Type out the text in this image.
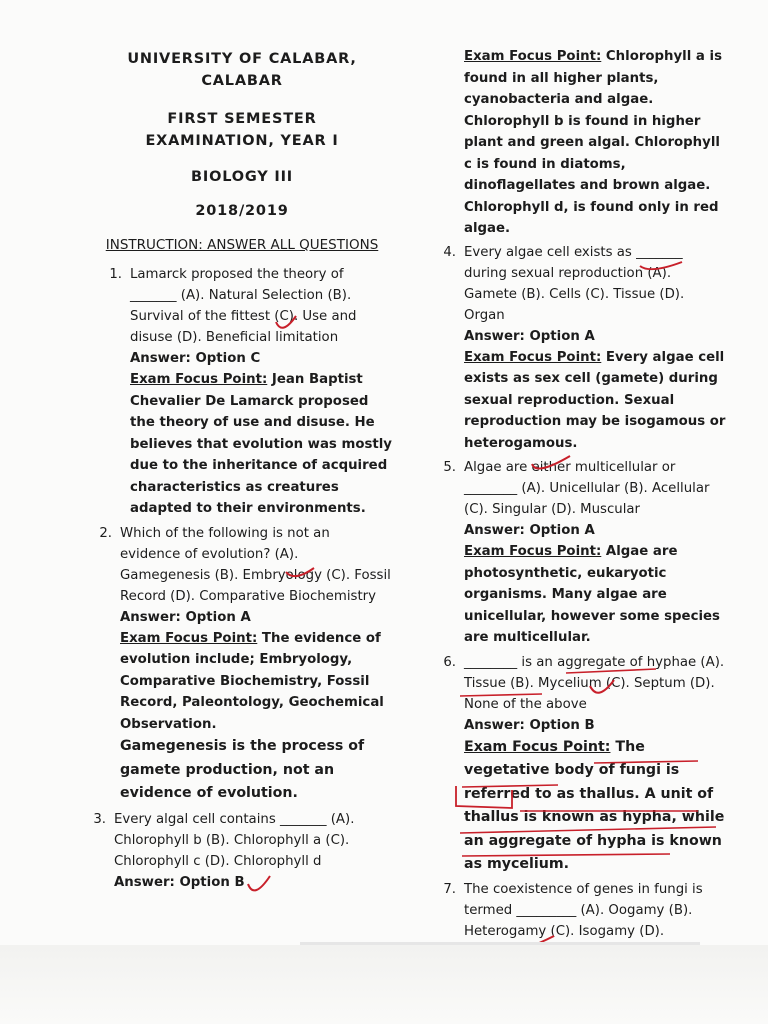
UNIVERSITY OF CALABAR,

CALABAR

FIRST SEMESTER

EXAMINATION, YEAR I

BIOLOGY III

2018/2019

INSTRUCTION: ANSWER ALL QUESTIONS
1. Lamarck proposed the theory of _______ (A). Natural Selection (B). Survival of the fittest (C). Use and disuse (D). Beneficial limitation

Answer: Option C

Exam Focus Point: Jean Baptist Chevalier De Lamarck proposed the theory of use and disuse. He believes that evolution was mostly due to the inheritance of acquired characteristics as creatures adapted to their environments.

2. Which of the following is not an evidence of evolution? (A). Gamegenesis (B). Embryology (C). Fossil Record (D). Comparative Biochemistry

Answer: Option A

Exam Focus Point: The evidence of evolution include; Embryology, Comparative Biochemistry, Fossil Record, Paleontology, Geochemical Observation.

Gamegenesis is the process of gamete production, not an evidence of evolution.

3. Every algal cell contains _______ (A). Chlorophyll b (B). Chlorophyll a (C). Chlorophyll c (D). Chlorophyll d

Answer: Option B

Exam Focus Point: Chlorophyll a is found in all higher plants, cyanobacteria and algae. Chlorophyll b is found in higher plant and green algal. Chlorophyll c is found in diatoms, dinoflagellates and brown algae. Chlorophyll d, is found only in red algae.

4. Every algae cell exists as _______ during sexual reproduction (A). Gamete (B). Cells (C). Tissue (D). Organ

Answer: Option A

Exam Focus Point: Every algae cell exists as sex cell (gamete) during sexual reproduction. Sexual reproduction may be isogamous or heterogamous.

5. Algae are either multicellular or ________ (A). Unicellular (B). Acellular (C). Singular (D). Muscular

Answer: Option A

Exam Focus Point: Algae are photosynthetic, eukaryotic organisms. Many algae are unicellular, however some species are multicellular.

6. ________ is an aggregate of hyphae (A). Tissue (B). Mycelium (C). Septum (D). None of the above

Answer: Option B

Exam Focus Point: The vegetative body of fungi is referred to as thallus. A unit of thallus is known as hypha, while an aggregate of hypha is known as mycelium.

7. The coexistence of genes in fungi is termed _________ (A). Oogamy (B). Heterogamy (C). Isogamy (D).
